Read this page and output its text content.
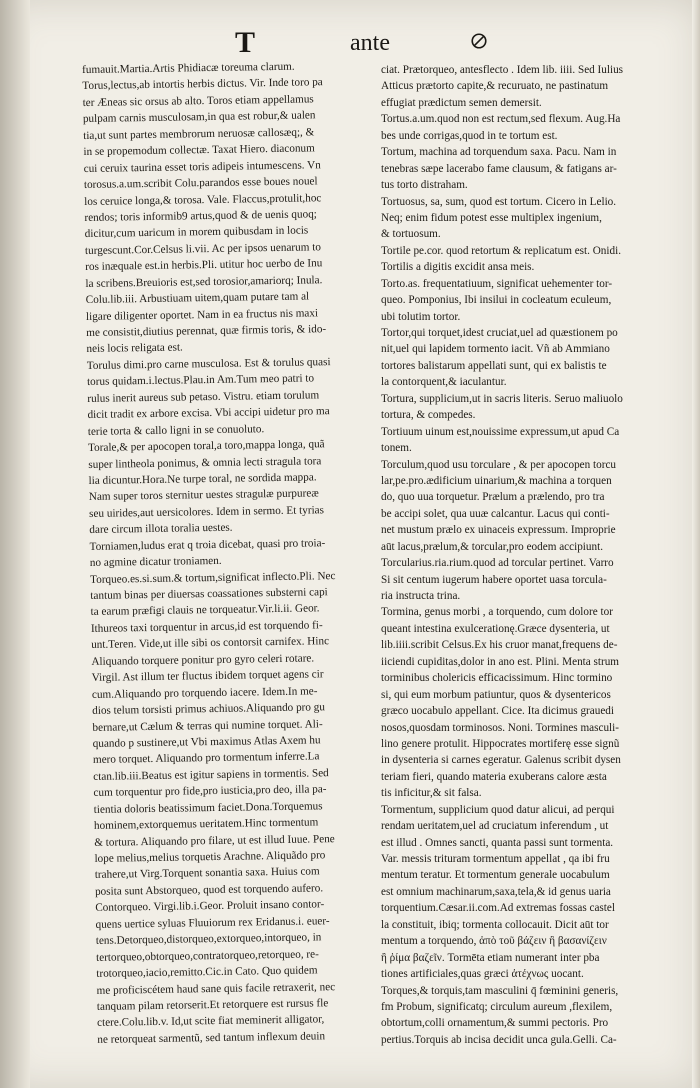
T	ante
fumauit.Martia.Artis Phidiacæ toreuma clarum.
Torus,lectus,ab intortis herbis dictus. Vir. Inde toro pa
ter Æneas sic orsus ab alto. Toros etiam appellamus
pulpam carnis musculosam,in qua est robur,& ualen
tia,ut sunt partes membrorum neruosæ callosæq;, &
in se propemodum collectæ. Taxat Hiero. diaconum
cui ceruix taurina esset toris adipeis intumescens. Vn
torosus.a.um.scribit Colu.parandos esse boues nouel
los ceruice longa,& torosa. Vale. Flaccus,protulit,hoc
rendos; toris informib9 artus,quod & de uenis quoq;
dicitur,cum uaricum in morem quibusdam in locis
turgescunt.Cor.Celsus li.vii. Ac per ipsos uenarum to
ros inæquale est.in herbis.Pli. utitur hoc uerbo de Inu
la scribens.Breuioris est,sed torosior,amariorq; Inula.
Colu.lib.iii. Arbustiuam uitem,quam putare tam al
ligare diligenter oportet. Nam in ea fructus nis maxi
me consistit,diutius perennat, quæ firmis toris, & ido-
neis locis religata est.
Torulus dimi.pro carne musculosa. Est & torulus quasi
torus quidam.i.lectus.Plau.in Am.Tum meo patri to
rulus inerit aureus sub petaso. Vistru. etiam torulum
dicit tradit ex arbore excisa. Vbi accipi uidetur pro ma
terie torta & callo ligni in se conuoluto.
Torale,& per apocopen toral,a toro,mappa longa, quã
super lintheola ponimus, & omnia lecti stragula tora
lia dicuntur.Hora.Ne turpe toral, ne sordida mappa.
Nam super toros sternitur uestes stragulæ purpureæ
seu uirides,aut uersicolores. Idem in sermo. Et tyrias
dare circum illota toralia uestes.
Torniamen,ludus erat q troia dicebat, quasi pro troia-
no agmine dicatur troniamen.
Torqueo.es.si.sum.& tortum,significat inflecto.Pli. Nec
tantum binas per diuersas coassationes substerni capi
ta earum præfigi clauis ne torqueatur.Vir.li.ii. Geor.
Ithureos taxi torquentur in arcus,id est torquendo fi-
unt.Teren. Vide,ut ille sibi os contorsit carnifex. Hinc
Aliquando torquere ponitur pro gyro celeri rotare.
Virgil. Ast illum ter fluctus ibidem torquet agens cir
cum.Aliquando pro torquendo iacere. Idem.In me-
dios telum torsisti primus achiuos.Aliquando pro gu
bernare,ut Cælum & terras qui numine torquet. Ali-
quando p sustinere,ut Vbi maximus Atlas Axem hu
mero torquet. Aliquando pro tormentum inferre.La
ctan.lib.iii.Beatus est igitur sapiens in tormentis. Sed
cum torquentur pro fide,pro iusticia,pro deo, illa pa-
tientia doloris beatissimum faciet.Dona.Torquemus
hominem,extorquemus ueritatem.Hinc tormentum
& tortura. Aliquando pro filare, ut est illud Iuue. Pene
lope melius,melius torquetis Arachne. Aliquãdo pro
trahere,ut Virg.Torquent sonantia saxa. Huius com
posita sunt Abstorqueo, quod est torquendo aufero.
Contorqueo. Virgi.lib.i.Geor. Proluit insano contor-
quens uertice syluas Fluuiorum rex Eridanus.i. euer-
tens.Detorqueo,distorqueo,extorqueo,intorqueo, in
tertorqueo,obtorqueo,contratorqueo,retorqueo, re-
trotorqueo,iacio,remitto.Cic.in Cato. Quo quidem
me proficiscétem haud sane quis facile retraxerit, nec
tanquam pilam retorserit.Et retorquere est rursus fle
ctere.Colu.lib.v. Id,ut scite fiat meminerit alligator,
ne retorqueat sarmentũ, sed tantum inflexum deuin
ciat. Prætorqueo, antesflecto . Idem lib. iiii. Sed Iulius
Atticus prætorto capite,& recuruato, ne pastinatum
effugiat prædictum semen demersit.
Tortus.a.um.quod non est rectum,sed flexum. Aug.Ha
bes unde corrigas,quod in te tortum est.
Tortum, machina ad torquendum saxa. Pacu. Nam in
tenebras sæpe lacerabo fame clausum, & fatigans ar-
tus torto distraham.
Tortuosus, sa, sum, quod est tortum. Cicero in Lelio.
Neq; enim fidum potest esse multiplex ingenium,
& tortuosum.
Tortile pe.cor. quod retortum & replicatum est. Onidi.
Tortilis a digitis excidit ansa meis.
Torto.as. frequentatiuum, significat uehementer tor-
queo. Pomponius, Ibi insilui in cocleatum eculeum,
ubi tolutim tortor.
Tortor,qui torquet,idest cruciat,uel ad quæstionem po
nit,uel qui lapidem tormento iacit. Vñ ab Ammiano
tortores balistarum appellati sunt, qui ex balistis te
la contorquent,& iaculantur.
Tortura, supplicium,ut in sacris literis. Seruo maliuolo
tortura, & compedes.
Tortiuum uinum est,nouissime expressum,ut apud Ca
tonem.
Torculum,quod usu torculare , & per apocopen torcu
lar,pe.pro.ædificium uinarium,& machina a torquen
do, quo uua torquetur. Prælum a prælendo, pro tra
be accipi solet, qua uuæ calcantur. Lacus qui conti-
net mustum prælo ex uinaceis expressum. Improprie
aūt lacus,prælum,& torcular,pro eodem accipiunt.
Torcularius.ria.rium.quod ad torcular pertinet. Varro
Si sit centum iugerum habere oportet uasa torcula-
ria instructa trina.
Tormina, genus morbi , a torquendo, cum dolore tor
queant intestina exulcerationę.Græce dysenteria, ut
lib.iiii.scribit Celsus.Ex his cruor manat,frequens de-
iiciendi cupiditas,dolor in ano est. Plini. Menta strum
torminibus cholericis efficacissimum. Hinc tormino
si, qui eum morbum patiuntur, quos & dysentericos
græco uocabulo appellant. Cice. Ita dicimus grauedi
nosos,quosdam torminosos. Noni. Tormines masculi-
lino genere protulit. Hippocrates mortiferę esse signũ
in dysenteria si carnes egeratur. Galenus scribit dysen
teriam fieri, quando materia exuberans calore æsta
tis inficitur,& sit falsa.
Tormentum, supplicium quod datur alicui, ad perqui
rendam ueritatem,uel ad cruciatum inferendum , ut
est illud . Omnes sancti, quanta passi sunt tormenta.
Var. messis trituram tormentum appellat , qa ibi fru
mentum teratur. Et tormentum generale uocabulum
est omnium machinarum,saxa,tela,& id genus uaria
torquentium.Cæsar.ii.com.Ad extremas fossas castel
la constituit, ibiq; tormenta collocauit. Dicit aūt tor
mentum a torquendo, ἀπὸ τοῦ βάζειν ἢ βασανίζειν
ἢ ῥίμα βαζεῖν. Tormēta etiam numerant inter pba
tiones artificiales,quas græci ἀτέχνως uocant.
Torques,& torquis,tam masculini q̄ fœminini generis,
fm Probum, significatq; circulum aureum ,flexilem,
obtortum,colli ornamentum,& summi pectoris. Pro
pertius.Torquis ab incisa decidit unca gula.Gelli. Ca-
